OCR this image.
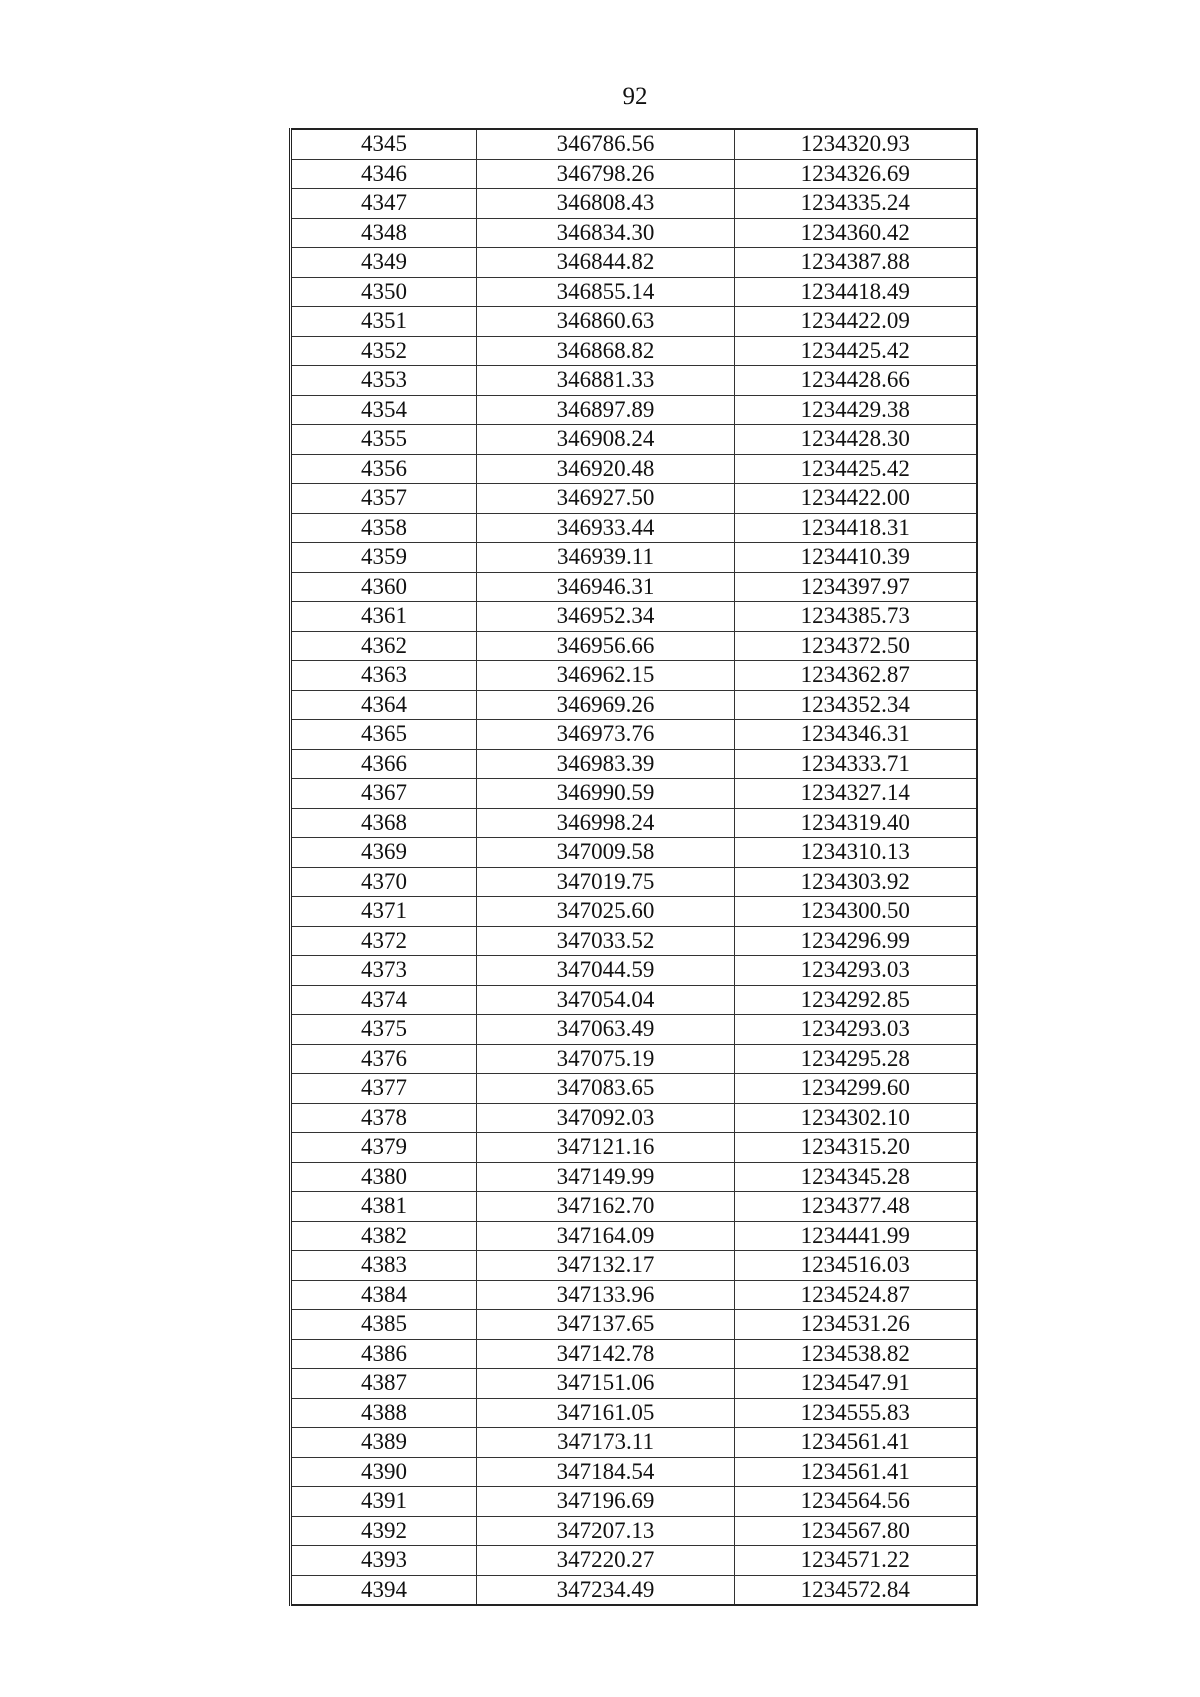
92
4345	346786.56	1234320.93
4346	346798.26	1234326.69
4347	346808.43	1234335.24
4348	346834.30	1234360.42
4349	346844.82	1234387.88
4350	346855.14	1234418.49
4351	346860.63	1234422.09
4352	346868.82	1234425.42
4353	346881.33	1234428.66
4354	346897.89	1234429.38
4355	346908.24	1234428.30
4356	346920.48	1234425.42
4357	346927.50	1234422.00
4358	346933.44	1234418.31
4359	346939.11	1234410.39
4360	346946.31	1234397.97
4361	346952.34	1234385.73
4362	346956.66	1234372.50
4363	346962.15	1234362.87
4364	346969.26	1234352.34
4365	346973.76	1234346.31
4366	346983.39	1234333.71
4367	346990.59	1234327.14
4368	346998.24	1234319.40
4369	347009.58	1234310.13
4370	347019.75	1234303.92
4371	347025.60	1234300.50
4372	347033.52	1234296.99
4373	347044.59	1234293.03
4374	347054.04	1234292.85
4375	347063.49	1234293.03
4376	347075.19	1234295.28
4377	347083.65	1234299.60
4378	347092.03	1234302.10
4379	347121.16	1234315.20
4380	347149.99	1234345.28
4381	347162.70	1234377.48
4382	347164.09	1234441.99
4383	347132.17	1234516.03
4384	347133.96	1234524.87
4385	347137.65	1234531.26
4386	347142.78	1234538.82
4387	347151.06	1234547.91
4388	347161.05	1234555.83
4389	347173.11	1234561.41
4390	347184.54	1234561.41
4391	347196.69	1234564.56
4392	347207.13	1234567.80
4393	347220.27	1234571.22
4394	347234.49	1234572.84
